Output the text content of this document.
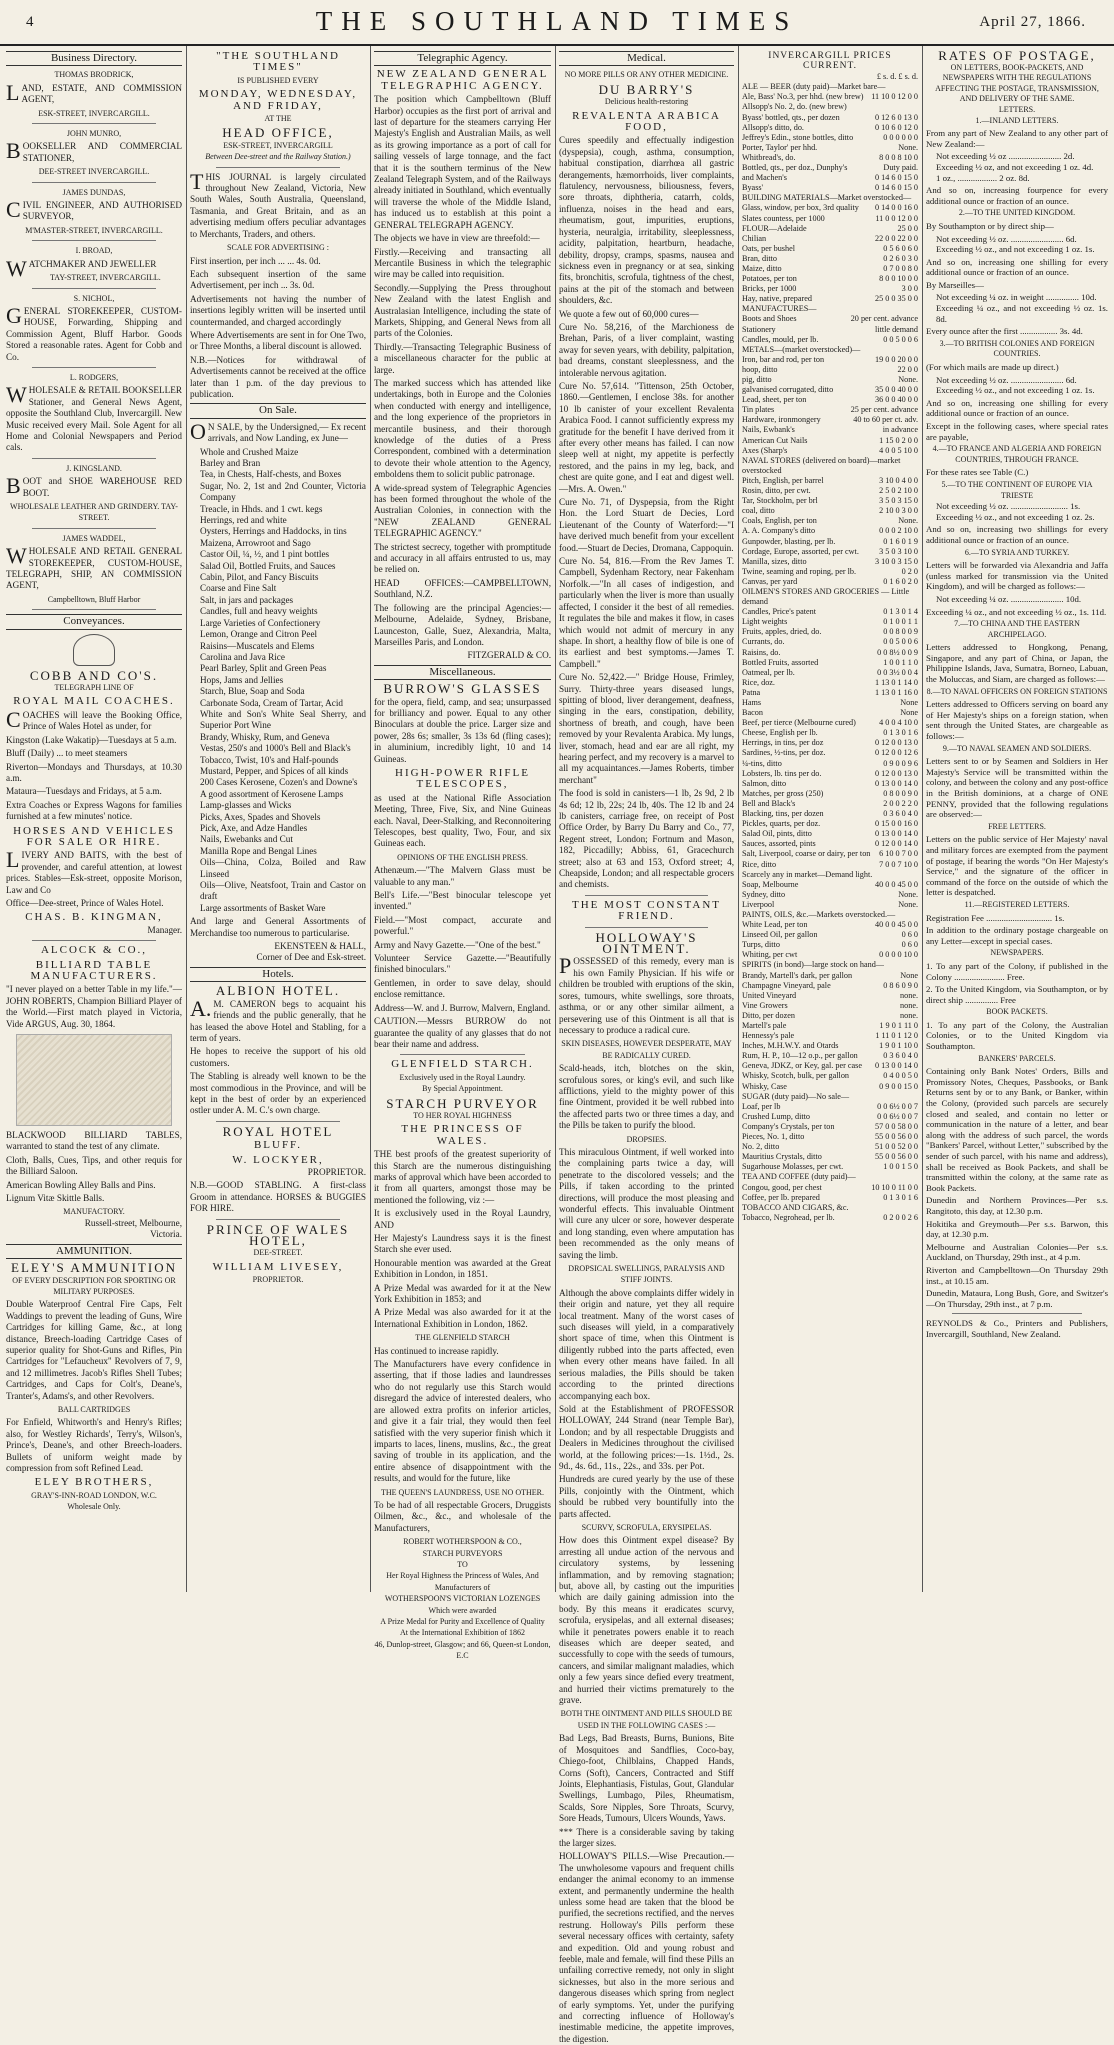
4	THE SOUTHLAND TIMES	April 27, 1866.
Business Directory.
THOMAS BRODRICK,

LAND, ESTATE, AND COMMISSION AGENT,

ESK-STREET, INVERCARGILL.
JOHN MUNRO,

BOOKSELLER AND COMMERCIAL STATIONER,

DEE-STREET INVERCARGILL.
JAMES DUNDAS,

CIVIL ENGINEER, AND AUTHORISED SURVEYOR,

M'MASTER-STREET, INVERCARGILL.
I. BROAD,

WATCHMAKER AND JEWELLER

TAY-STREET, INVERCARGILL.
S. NICHOL,

GENERAL STOREKEEPER, CUSTOM-HOUSE, Forwarding, Shipping and Commission Agent, Bluff Harbor. Goods Stored a reasonable rates. Agent for Cobb and Co.

L. RODGERS,

WHOLESALE & RETAIL BOOKSELLER Stationer, and General News Agent, opposite the Southland Club, Invercargill. New Music received every Mail. Sole Agent for all Home and Colonial Newspapers and Period cals.

J. KINGSLAND.

BOOT and SHOE WAREHOUSE RED BOOT.

WHOLESALE LEATHER AND GRINDERY. TAY-STREET.
JAMES WADDEL,

WHOLESALE AND RETAIL GENERAL STOREKEEPER, CUSTOM-HOUSE, TELEGRAPH, SHIP, AN COMMISSION AGENT,

Campbelltown, Bluff Harbor
Conveyances.
COBB AND CO'S.
TELEGRAPH LINE OF
ROYAL MAIL COACHES.

COACHES will leave the Booking Office, Prince of Wales Hotel as under, for

Kingston (Lake Wakatip)—Tuesdays at 5 a.m.

Bluff (Daily) ... to meet steamers

Riverton—Mondays and Thursdays, at 10.30 a.m.

Mataura—Tuesdays and Fridays, at 5 a.m.

Extra Coaches or Express Wagons for families furnished at a few minutes' notice.

HORSES AND VEHICLES FOR SALE OR HIRE.

LIVERY AND BAITS, with the best of provender, and careful attention, at lowest prices. Stables—Esk-street, opposite Morison, Law and Co

Office—Dee-street, Prince of Wales Hotel.

CHAS. B. KINGMAN,
Manager.
ALCOCK & CO.,
BILLIARD TABLE MANUFACTURERS.

"I never played on a better Table in my life."—JOHN ROBERTS, Champion Billiard Player of the World.—First match played in Victoria, Vide ARGUS, Aug. 30, 1864.

BLACKWOOD BILLIARD TABLES, warranted to stand the test of any climate.

Cloth, Balls, Cues, Tips, and other requis for the Billiard Saloon.

American Bowling Alley Balls and Pins.

Lignum Vitæ Skittle Balls.

MANUFACTORY.
Russell-street, Melbourne,
Victoria.
AMMUNITION.
ELEY'S AMMUNITION
OF EVERY DESCRIPTION FOR SPORTING OR MILITARY PURPOSES.

Double Waterproof Central Fire Caps, Felt Waddings to prevent the leading of Guns, Wire Cartridges for killing Game, &c., at long distance, Breech-loading Cartridge Cases of superior quality for Shot-Guns and Rifles, Pin Cartridges for "Lefaucheux" Revolvers of 7, 9, and 12 millimetres. Jacob's Rifles Shell Tubes; Cartridges, and Caps for Colt's, Deane's, Tranter's, Adams's, and other Revolvers.

BALL CARTRIDGES

For Enfield, Whitworth's and Henry's Rifles; also, for Westley Richards', Terry's, Wilson's, Prince's, Deane's, and other Breech-loaders. Bullets of uniform weight made by compression from soft Refined Lead.

ELEY BROTHERS,
GRAY'S-INN-ROAD LONDON, W.C.
Wholesale Only.
"THE SOUTHLAND TIMES"
IS PUBLISHED EVERY
MONDAY, WEDNESDAY, AND FRIDAY,
AT THE
HEAD OFFICE,
ESK-STREET, INVERCARGILL
Between Dee-street and the Railway Station.)

THIS JOURNAL is largely circulated throughout New Zealand, Victoria, New South Wales, South Australia, Queensland, Tasmania, and Great Britain, and as an advertising medium offers peculiar advantages to Merchants, Traders, and others.

SCALE FOR ADVERTISING :

First insertion, per inch ... ... 4s. 0d.

Each subsequent insertion of the same Advertisement, per inch ... 3s. 0d.

Advertisements not having the number of insertions legibly written will be inserted until countermanded, and charged accordingly

Where Advertisements are sent in for One Two, or Three Months, a liberal discount is allowed.

N.B.—Notices for withdrawal of Advertisements cannot be received at the office later than 1 p.m. of the day previous to publication.

On Sale.

ON SALE, by the Undersigned,— Ex recent arrivals, and Now Landing, ex June—

Whole and Crushed Maize

Barley and Bran

Tea, in Chests, Half-chests, and Boxes

Sugar, No. 2, 1st and 2nd Counter, Victoria Company

Treacle, in Hhds. and 1 cwt. kegs

Herrings, red and white

Oysters, Herrings and Haddocks, in tins

Maizena, Arrowroot and Sago

Castor Oil, ¼, ½, and 1 pint bottles

Salad Oil, Bottled Fruits, and Sauces

Cabin, Pilot, and Fancy Biscuits

Coarse and Fine Salt

Salt, in jars and packages

Candles, full and heavy weights

Large Varieties of Confectionery

Lemon, Orange and Citron Peel

Raisins—Muscatels and Elems

Carolina and Java Rice

Pearl Barley, Split and Green Peas

Hops, Jams and Jellies

Starch, Blue, Soap and Soda

Carbonate Soda, Cream of Tartar, Acid

White and Son's White Seal Sherry, and Superior Port Wine

Brandy, Whisky, Rum, and Geneva

Vestas, 250's and 1000's Bell and Black's

Tobacco, Twist, 10's and Half-pounds

Mustard, Pepper, and Spices of all kinds

200 Cases Kerosene, Cozen's and Downe's

A good assortment of Kerosene Lamps

Lamp-glasses and Wicks

Picks, Axes, Spades and Shovels

Pick, Axe, and Adze Handles

Nails, Ewebanks and Cut

Manilla Rope and Bengal Lines

Oils—China, Colza, Boiled and Raw Linseed

Oils—Olive, Neatsfoot, Train and Castor on draft

Large assortments of Basket Ware

And large and General Assortments of Merchandise too numerous to particularise.

EKENSTEEN & HALL,
Corner of Dee and Esk-street.
Hotels.
ALBION HOTEL.

A.M. CAMERON begs to acquaint his friends and the public generally, that he has leased the above Hotel and Stabling, for a term of years.

He hopes to receive the support of his old customers.

The Stabling is already well known to be the most commodious in the Province, and will be kept in the best of order by an experienced ostler under A. M. C.'s own charge.

ROYAL HOTEL
BLUFF.
W. LOCKYER,
PROPRIETOR.

N.B.—GOOD STABLING. A first-class Groom in attendance. HORSES & BUGGIES FOR HIRE.

PRINCE OF WALES HOTEL,
DEE-STREET.
WILLIAM LIVESEY,
PROPRIETOR.
Telegraphic Agency.
NEW ZEALAND GENERAL TELEGRAPHIC AGENCY.

The position which Campbelltown (Bluff Harbor) occupies as the first port of arrival and last of departure for the steamers carrying Her Majesty's English and Australian Mails, as well as its growing importance as a port of call for sailing vessels of large tonnage, and the fact that it is the southern terminus of the New Zealand Telegraph System, and of the Railways already initiated in Southland, which eventually will traverse the whole of the Middle Island, has induced us to establish at this point a GENERAL TELEGRAPH AGENCY.

The objects we have in view are threefold:—

Firstly.—Receiving and transacting all Mercantile Business in which the telegraphic wire may be called into requisition.

Secondly.—Supplying the Press throughout New Zealand with the latest English and Australasian Intelligence, including the state of Markets, Shipping, and General News from all parts of the Colonies.

Thirdly.—Transacting Telegraphic Business of a miscellaneous character for the public at large.

The marked success which has attended like undertakings, both in Europe and the Colonies when conducted with energy and intelligence, and the long experience of the proprietors in mercantile business, and their thorough knowledge of the duties of a Press Correspondent, combined with a determination to devote their whole attention to the Agency, emboldens them to solicit public patronage.

A wide-spread system of Telegraphic Agencies has been formed throughout the whole of the Australian Colonies, in connection with the "NEW ZEALAND GENERAL TELEGRAPHIC AGENCY."

The strictest secrecy, together with promptitude and accuracy in all affairs entrusted to us, may be relied on.

HEAD OFFICES:—CAMPBELLTOWN, Southland, N.Z.

The following are the principal Agencies:— Melbourne, Adelaide, Sydney, Brisbane, Launceston, Galle, Suez, Alexandria, Malta, Marseilles Paris, and London.

FITZGERALD & CO.
Miscellaneous.
BURROW'S GLASSES

for the opera, field, camp, and sea; unsurpassed for brilliancy and power. Equal to any other Binoculars at double the price. Larger size and power, 28s 6s; smaller, 3s 13s 6d (fling cases); in aluminium, incredibly light, 10 and 14 Guineas.

HIGH-POWER RIFLE TELESCOPES,

as used at the National Rifle Association Meeting, Three, Five, Six, and Nine Guineas each. Naval, Deer-Stalking, and Reconnoitering Telescopes, best quality, Two, Four, and six Guineas each.

OPINIONS OF THE ENGLISH PRESS.

Athenæum.—"The Malvern Glass must be valuable to any man."

Bell's Life.—"Best binocular telescope yet invented."

Field.—"Most compact, accurate and powerful."

Army and Navy Gazette.—"One of the best."

Volunteer Service Gazette.—"Beautifully finished binoculars."

Gentlemen, in order to save delay, should enclose remittance.

Address—W. and J. Burrow, Malvern, England.

CAUTION.—Messrs BURROW do not guarantee the quality of any glasses that do not bear their name and address.

GLENFIELD STARCH.
Exclusively used in the Royal Laundry.
By Special Appointment.
STARCH PURVEYOR
TO HER ROYAL HIGHNESS
THE PRINCESS OF WALES.

THE best proofs of the greatest superiority of this Starch are the numerous distinguishing marks of approval which have been accorded to it from all quarters, amongst those may be mentioned the following, viz :—

It is exclusively used in the Royal Laundry, AND

Her Majesty's Laundress says it is the finest Starch she ever used.

Honourable mention was awarded at the Great Exhibition in London, in 1851.

A Prize Medal was awarded for it at the New York Exhibition in 1853; and

A Prize Medal was also awarded for it at the International Exhibition in London, 1862.

THE GLENFIELD STARCH

Has continued to increase rapidly.

The Manufacturers have every confidence in asserting, that if those ladies and laundresses who do not regularly use this Starch would disregard the advice of interested dealers, who are allowed extra profits on inferior articles, and give it a fair trial, they would then feel satisfied with the very superior finish which it imparts to laces, linens, muslins, &c., the great saving of trouble in its application, and the entire absence of disappointment with the results, and would for the future, like

THE QUEEN'S LAUNDRESS, USE NO OTHER.

To be had of all respectable Grocers, Druggists Oilmen, &c., &c., and wholesale of the Manufacturers,

ROBERT WOTHERSPOON & CO.,
STARCH PURVEYORS
TO
Her Royal Highness the Princess of Wales, And Manufacturers of
WOTHERSPOON'S VICTORIAN LOZENGES
Which were awarded
A Prize Medal for Purity and Excellence of Quality
At the International Exhibition of 1862
46, Dunlop-street, Glasgow; and 66, Queen-st London, E.C
Medical.
NO MORE PILLS OR ANY OTHER MEDICINE.
DU BARRY'S
Delicious health-restoring
REVALENTA ARABICA FOOD,

Cures speedily and effectually indigestion (dyspepsia), cough, asthma, consumption, habitual constipation, diarrhœa all gastric derangements, hæmorrhoids, liver complaints, flatulency, nervousness, biliousness, fevers, sore throats, diphtheria, catarrh, colds, influenza, noises in the head and ears, rheumatism, gout, impurities, eruptions, hysteria, neuralgia, irritability, sleeplessness, acidity, palpitation, heartburn, headache, debility, dropsy, cramps, spasms, nausea and sickness even in pregnancy or at sea, sinking fits, bronchitis, scrofula, tightness of the chest, pains at the pit of the stomach and between shoulders, &c.

We quote a few out of 60,000 cures—

Cure No. 58,216, of the Marchioness de Brehan, Paris, of a liver complaint, wasting away for seven years, with debility, palpitation, bad dreams, constant sleeplessness, and the intolerable nervous agitation.

Cure No. 57,614. "Tittenson, 25th October, 1860.—Gentlemen, I enclose 38s. for another 10 lb canister of your excellent Revalenta Arabica Food. I cannot sufficiently express my gratitude for the benefit I have derived from it after every other means has failed. I can now sleep well at night, my appetite is perfectly restored, and the pains in my leg, back, and chest are quite gone, and I eat and digest well.—Mrs. A. Owen."

Cure No. 71, of Dyspepsia, from the Right Hon. the Lord Stuart de Decies, Lord Lieutenant of the County of Waterford:—"I have derived much benefit from your excellent food.—Stuart de Decies, Dromana, Cappoquin.

Cure No. 54, 816.—From the Rev James T. Campbell, Sydenham Rectory, near Fakenham Norfolk.—"In all cases of indigestion, and particularly when the liver is more than usually affected, I consider it the best of all remedies. It regulates the bile and makes it flow, in cases which would not admit of mercury in any shape. In short, a healthy flow of bile is one of its earliest and best symptoms.—James T. Campbell."

Cure No. 52,422.—" Bridge House, Frimley, Surry. Thirty-three years diseased lungs, spitting of blood, liver derangement, deafness, singing in the ears, constipation, debility, shortness of breath, and cough, have been removed by your Revalenta Arabica. My lungs, liver, stomach, head and ear are all right, my hearing perfect, and my recovery is a marvel to all my acquaintances.—James Roberts, timber merchant"

The food is sold in canisters—1 lb, 2s 9d, 2 lb 4s 6d; 12 lb, 22s; 24 lb, 40s. The 12 lb and 24 lb canisters, carriage free, on receipt of Post Office Order, by Barry Du Barry and Co., 77, Regent street, London; Fortnum and Mason, 182, Piccadilly; Abbiss, 61, Gracechurch street; also at 63 and 153, Oxford street; 4, Cheapside, London; and all respectable grocers and chemists.

THE MOST CONSTANT FRIEND.
HOLLOWAY'S OINTMENT.

POSSESSED of this remedy, every man is his own Family Physician. If his wife or children be troubled with eruptions of the skin, sores, tumours, white swellings, sore throats, asthma, or or any other similar ailment, a persevering use of this Ointment is all that is necessary to produce a radical cure.

SKIN DISEASES, HOWEVER DESPERATE, MAY BE RADICALLY CURED.

Scald-heads, itch, blotches on the skin, scrofulous sores, or king's evil, and such like afflictions, yield to the mighty power of this fine Ointment, provided it be well rubbed into the affected parts two or three times a day, and the Pills be taken to purify the blood.

DROPSIES.

This miraculous Ointment, if well worked into the complaining parts twice a day, will penetrate to the discolored vessels; and the Pills, if taken according to the printed directions, will produce the most pleasing and wonderful effects. This invaluable Ointment will cure any ulcer or sore, however desperate and long standing, even where amputation has been recommended as the only means of saving the limb.

DROPSICAL SWELLINGS, PARALYSIS AND STIFF JOINTS.

Although the above complaints differ widely in their origin and nature, yet they all require local treatment. Many of the worst cases of such diseases will yield, in a comparatively short space of time, when this Ointment is diligently rubbed into the parts affected, even when every other means have failed. In all serious maladies, the Pills should be taken according to the printed directions accompanying each box.

Sold at the Establishment of PROFESSOR HOLLOWAY, 244 Strand (near Temple Bar), London; and by all respectable Druggists and Dealers in Medicines throughout the civilised world, at the following prices:—1s. 1½d., 2s. 9d., 4s. 6d., 11s., 22s., and 33s. per Pot.

Hundreds are cured yearly by the use of these Pills, conjointly with the Ointment, which should be rubbed very bountifully into the parts affected.

SCURVY, SCROFULA, ERYSIPELAS.

How does this Ointment expel disease? By arresting all undue action of the nervous and circulatory systems, by lessening inflammation, and by removing stagnation; but, above all, by casting out the impurities which are daily gaining admission into the body. By this means it eradicates scurvy, scrofula, erysipelas, and all external diseases; while it penetrates powers enable it to reach diseases which are deeper seated, and successfully to cope with the seeds of tumours, cancers, and similar malignant maladies, which only a few years since defied every treatment, and hurried their victims prematurely to the grave.

BOTH THE OINTMENT AND PILLS SHOULD BE USED IN THE FOLLOWING CASES :—

Bad Legs, Bad Breasts, Burns, Bunions, Bite of Mosquitoes and Sandflies, Coco-bay, Chiego-foot, Chilblains, Chapped Hands, Corns (Soft), Cancers, Contracted and Stiff Joints, Elephantiasis, Fistulas, Gout, Glandular Swellings, Lumbago, Piles, Rheumatism, Scalds, Sore Nipples, Sore Throats, Scurvy, Sore Heads, Tumours, Ulcers Wounds, Yaws.

*** There is a considerable saving by taking the larger sizes.

HOLLOWAY'S PILLS.—Wise Precaution.—The unwholesome vapours and frequent chills endanger the animal economy to an immense extent, and permanently undermine the health unless some head are taken that the blood be purified, the secretions rectified, and the nerves restrung. Holloway's Pills perform these several necessary offices with certainty, safety and expedition. Old and young robust and feeble, male and female, will find these Pills an unfailing corrective remedy, not only in slight sicknesses, but also in the more serious and dangerous diseases which spring from neglect of early symptoms. Yet, under the purifying and correcting influence of Holloway's inestimable medicine, the appetite improves, the digestion.

INVERCARGILL PRICES CURRENT.
£ s. d. £ s. d.
ALE — BEER (duty paid)—Market bare—
Ale, Bass' No.3, per hhd. (new brew) 11 10 0 12 0 0
Allsopp's No. 2, do. (new brew)
Byass' bottled, qts., per dozen	0 12 6 0 13 0
Allsopp's ditto, do.	0 10 6 0 12 0
Jeffrey's Edin., stone bottles, ditto	0 0 0 0 0 0
Porter, Taylor' per hhd.	None.
Whitbread's, do.	8 0 0 8 10 0
Bottled, qts., per doz., Dunphy's	Duty paid.
and Machen's	0 14 6 0 15 0
Byass'	0 14 6 0 15 0
BUILDING MATERIALS—Market overstocked—
Glass, window, per box, 3rd quality 0 14 0 0 16 0
Slates countess, per 1000	11 0 0 12 0 0
FLOUR—Adelaide	25 0 0
Chilian	22 0 0 22 0 0
Oats, per bushel	0 5 6 0 6 0
Bran, ditto	0 2 6 0 3 0
Maize, ditto	0 7 0 0 8 0
Potatoes, per ton	8 0 0 10 0 0
Bricks, per 1000	3 0 0
Hay, native, prepared	25 0 0 35 0 0
MANUFACTURES—
Boots and Shoes	20 per cent. advance
Stationery	little demand
Candles, mould, per lb.	0 0 5 0 0 6
METALS—(market overstocked)—
Iron, bar and rod, per ton	19 0 0 20 0 0
hoop, ditto	22 0 0
pig, ditto	None.
galvanised corrugated, ditto	35 0 0 40 0 0
Lead, sheet, per ton	36 0 0 40 0 0
Tin plates	25 per cent. advance
Hardware, ironmongery	40 to 60 per ct. adv.
Nails, Ewbank's	in advance
American Cut Nails	1 15 0 2 0 0
Axes (Sharp's	4 0 0 5 10 0
NAVAL STORES (delivered on board)—market overstocked
Pitch, English, per barrel	3 10 0 4 0 0
Rosin, ditto, per cwt.	2 5 0 2 10 0
Tar, Stockholm, per brl	3 5 0 3 15 0
coal, ditto	2 10 0 3 0 0
Coals, English, per ton	None.
A. A. Company's ditto	0 0 0 2 10 0
Gunpowder, blasting, per lb.	0 1 6 0 1 9
Cordage, Europe, assorted, per cwt. 3 5 0 3 10 0
Manilla, sizes, ditto	3 10 0 3 15 0
Twine, seaming and roping, per lb.	0 2 0
Canvas, per yard	0 1 6 0 2 0
OILMEN'S STORES AND GROCERIES — Little demand
Candles, Price's patent	0 1 3 0 1 4
Light weights	0 1 0 0 1 1
Fruits, apples, dried, do.	0 0 8 0 0 9
Currants, do.	0 0 5 0 0 6
Raisins, do.	0 0 8½ 0 0 9
Bottled Fruits, assorted	1 0 0 1 1 0
Oatmeal, per lb.	0 0 3½ 0 0 4
Rice, doz.	1 13 0 1 14 0
Patna	1 13 0 1 16 0
Hams	None
Bacon	None
Beef, per tierce (Melbourne cured)	4 0 0 4 10 0
Cheese, English per lb.	0 1 3 0 1 6
Herrings, in tins, per doz	0 12 0 0 13 0
Sardines, ½-tins, per doz.	0 12 0 0 12 6
¼-tins, ditto	0 9 0 0 9 6
Lobsters, lb. tins per do.	0 12 0 0 13 0
Salmon, ditto	0 13 0 0 14 0
Matches, per gross (250)	0 8 0 0 9 0
Bell and Black's	2 0 0 2 2 0
Blacking, tins, per dozen	0 3 6 0 4 0
Pickles, quarts, per doz.	0 15 0 0 16 0
Salad Oil, pints, ditto	0 13 0 0 14 0
Sauces, assorted, pints	0 12 0 0 14 0
Salt, Liverpool, coarse or dairy, per ton 6 10 0 7 0 0
Rice, ditto	7 0 0 7 10 0
Scarcely any in market—Demand light.
Soap, Melbourne	40 0 0 45 0 0
Sydney, ditto	None.
Liverpool	None.
PAINTS, OILS, &c.—Markets overstocked.—
White Lead, per ton	40 0 0 45 0 0
Linseed Oil, per gallon	0 6 0
Turps, ditto	0 6 0
Whiting, per cwt	0 0 0 0 10 0
SPIRITS (in bond)—large stock on hand—
Brandy, Martell's dark, per gallon	None
Champagne Vineyard, pale	0 8 6 0 9 0
United Vineyard	none.
Vine Growers	none.
Ditto, per dozen	none.
Martell's pale	1 9 0 1 11 0
Hennessy's pale	1 11 0 1 12 0
Inches, M.H.W.Y. and Otards	1 9 0 1 10 0
Rum, H. P., 10—12 o.p., per gallon	0 3 6 0 4 0
Geneva, JDKZ, or Key, gal. per case 0 13 0 0 14 0
Whisky, Scotch, bulk, per gallon	0 4 0 0 5 0
Whisky, Case	0 9 0 0 15 0
SUGAR (duty paid)—No sale—
Loaf, per lb	0 0 6½ 0 0 7
Crushed Lump, ditto	0 0 6½ 0 0 7
Company's Crystals, per ton	57 0 0 58 0 0
Pieces, No. 1, ditto	55 0 0 56 0 0
No. 2, ditto	51 0 0 52 0 0
Mauritius Crystals, ditto	55 0 0 56 0 0
Sugarhouse Molasses, per cwt.	1 0 0 1 5 0
TEA AND COFFEE (duty paid)—
Congou, good, per chest	10 10 0 11 0 0
Coffee, per lb. prepared	0 1 3 0 1 6
TOBACCO AND CIGARS, &c.
Tobacco, Negrohead, per lb.	0 2 0 0 2 6
RATES OF POSTAGE,
ON LETTERS, BOOK-PACKETS, AND NEWSPAPERS WITH THE REGULATIONS AFFECTING THE POSTAGE, TRANSMISSION, AND DELIVERY OF THE SAME.
LETTERS.
1.—INLAND LETTERS.

From any part of New Zealand to any other part of New Zealand:—

Not exceeding ½ oz ........................ 2d.

Exceeding ½ oz, and not exceeding 1 oz. 4d.

1 oz., .................. 2 oz. 8d.

And so on, increasing fourpence for every additional ounce or fraction of an ounce.

2.—TO THE UNITED KINGDOM.

By Southampton or by direct ship—

Not exceeding ½ oz. ........................ 6d.

Exceeding ½ oz., and not exceeding 1 oz. 1s.

And so on, increasing one shilling for every additional ounce or fraction of an ounce.

By Marseilles—

Not exceeding ¼ oz. in weight ............... 10d.

Exceeding ¼ oz., and not exceeding ½ oz. 1s. 8d.

Every ounce after the first ................. 3s. 4d.

3.—TO BRITISH COLONIES AND FOREIGN COUNTRIES.

(For which mails are made up direct.)

Not exceeding ½ oz. ........................ 6d.

Exceeding ½ oz., and not exceeding 1 oz. 1s.

And so on, increasing one shilling for every additional ounce or fraction of an ounce.

Except in the following cases, where special rates are payable,

4.—TO FRANCE AND ALGERIA AND FOREIGN COUNTRIES, THROUGH FRANCE.

For these rates see Table (C.)

5.—TO THE CONTINENT OF EUROPE VIA TRIESTE

Not exceeding ½ oz. .......................... 1s.

Exceeding ½ oz., and not exceeding 1 oz. 2s.

And so on, increasing two shillings for every additional ounce or fraction of an ounce.

6.—TO SYRIA AND TURKEY.

Letters will be forwarded via Alexandria and Jaffa (unless marked for transmission via the United Kingdom), and will be charged as follows:—

Not exceeding ¼ oz. ........................ 10d.

Exceeding ¼ oz., and not exceeding ½ oz., 1s. 11d.

7.—TO CHINA AND THE EASTERN ARCHIPELAGO.

Letters addressed to Hongkong, Penang, Singapore, and any part of China, or Japan, the Philippine Islands, Java, Sumatra, Borneo, Labuan, the Moluccas, and Siam, are charged as follows:—

8.—TO NAVAL OFFICERS ON FOREIGN STATIONS

Letters addressed to Officers serving on board any of Her Majesty's ships on a foreign station, when sent through the United States, are chargeable as follows:—

9.—TO NAVAL SEAMEN AND SOLDIERS.

Letters sent to or by Seamen and Soldiers in Her Majesty's Service will be transmitted within the colony, and between the colony and any post-office in the British dominions, at a charge of ONE PENNY, provided that the following regulations are observed:—

FREE LETTERS.

Letters on the public service of Her Majesty' naval and military forces are exempted from the payment of postage, if bearing the words "On Her Majesty's Service," and the signature of the officer in command of the force on the outside of which the letter is despatched.

11.—REGISTERED LETTERS.

Registration Fee .............................. 1s.

In addition to the ordinary postage chargeable on any Letter—except in special cases.

NEWSPAPERS.

1. To any part of the Colony, if published in the Colony ....................... Free.

2. To the United Kingdom, via Southampton, or by direct ship ............... Free

BOOK PACKETS.

1. To any part of the Colony, the Australian Colonies, or to the United Kingdom via Southampton.

BANKERS' PARCELS.

Containing only Bank Notes' Orders, Bills and Promissory Notes, Cheques, Passbooks, or Bank Returns sent by or to any Bank, or Banker, within the Colony, (provided such parcels are securely closed and sealed, and contain no letter or communication in the nature of a letter, and bear along with the address of such parcel, the words "Bankers' Parcel, without Letter," subscribed by the sender of such parcel, with his name and address), shall be received as Book Packets, and shall be transmitted within the colony, at the same rate as Book Packets.

Dunedin and Northern Provinces—Per s.s. Rangitoto, this day, at 12.30 p.m.

Hokitika and Greymouth—Per s.s. Barwon, this day, at 12.30 p.m.

Melbourne and Australian Colonies—Per s.s. Auckland, on Thursday, 29th inst., at 4 p.m.

Riverton and Campbelltown—On Thursday 29th inst., at 10.15 am.

Dunedin, Mataura, Long Bush, Gore, and Switzer's—On Thursday, 29th inst., at 7 p.m.

REYNOLDS & Co., Printers and Publishers, Invercargill, Southland, New Zealand.
